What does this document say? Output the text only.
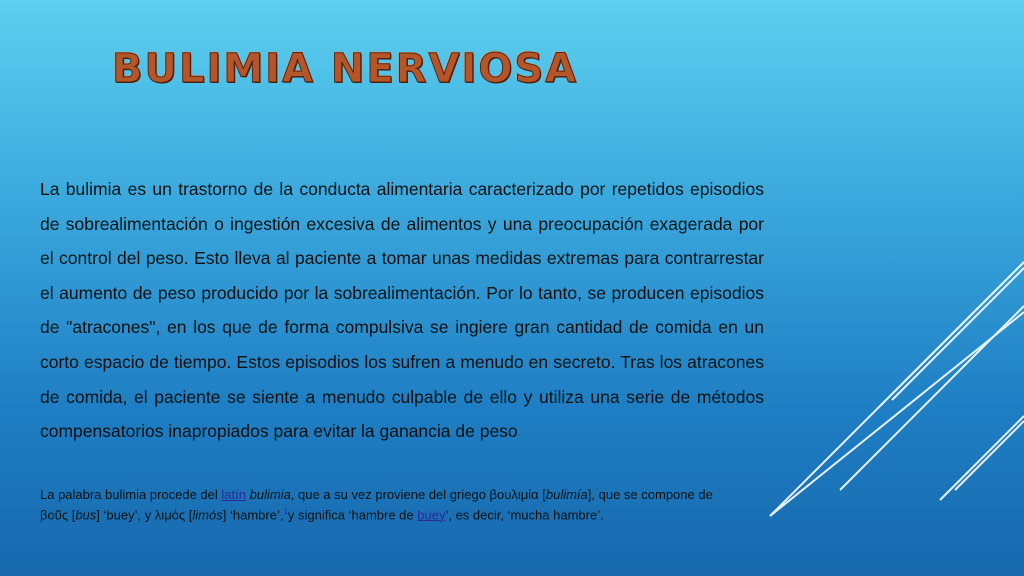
BULIMIA NERVIOSA
La bulimia es un trastorno de la conducta alimentaria caracterizado por repetidos episodios de sobrealimentación o ingestión excesiva de alimentos y una preocupación exagerada por el control del peso. Esto lleva al paciente a tomar unas medidas extremas para contrarrestar el aumento de peso producido por la sobrealimentación. Por lo tanto, se producen episodios de "atracones", en los que de forma compulsiva se ingiere gran cantidad de comida en un corto espacio de tiempo. Estos episodios los sufren a menudo en secreto. Tras los atracones de comida, el paciente se siente a menudo culpable de ello y utiliza una serie de métodos compensatorios inapropiados para evitar la ganancia de peso
La palabra bulimia procede del latín bulimia, que a su vez proviene del griego βουλιμία [bulimía], que se compone de βοῦς [bus] ‘buey’, y λιμός [limós] ‘hambre’,$^1$y significa ‘hambre de buey’, es decir, ‘mucha hambre’.
